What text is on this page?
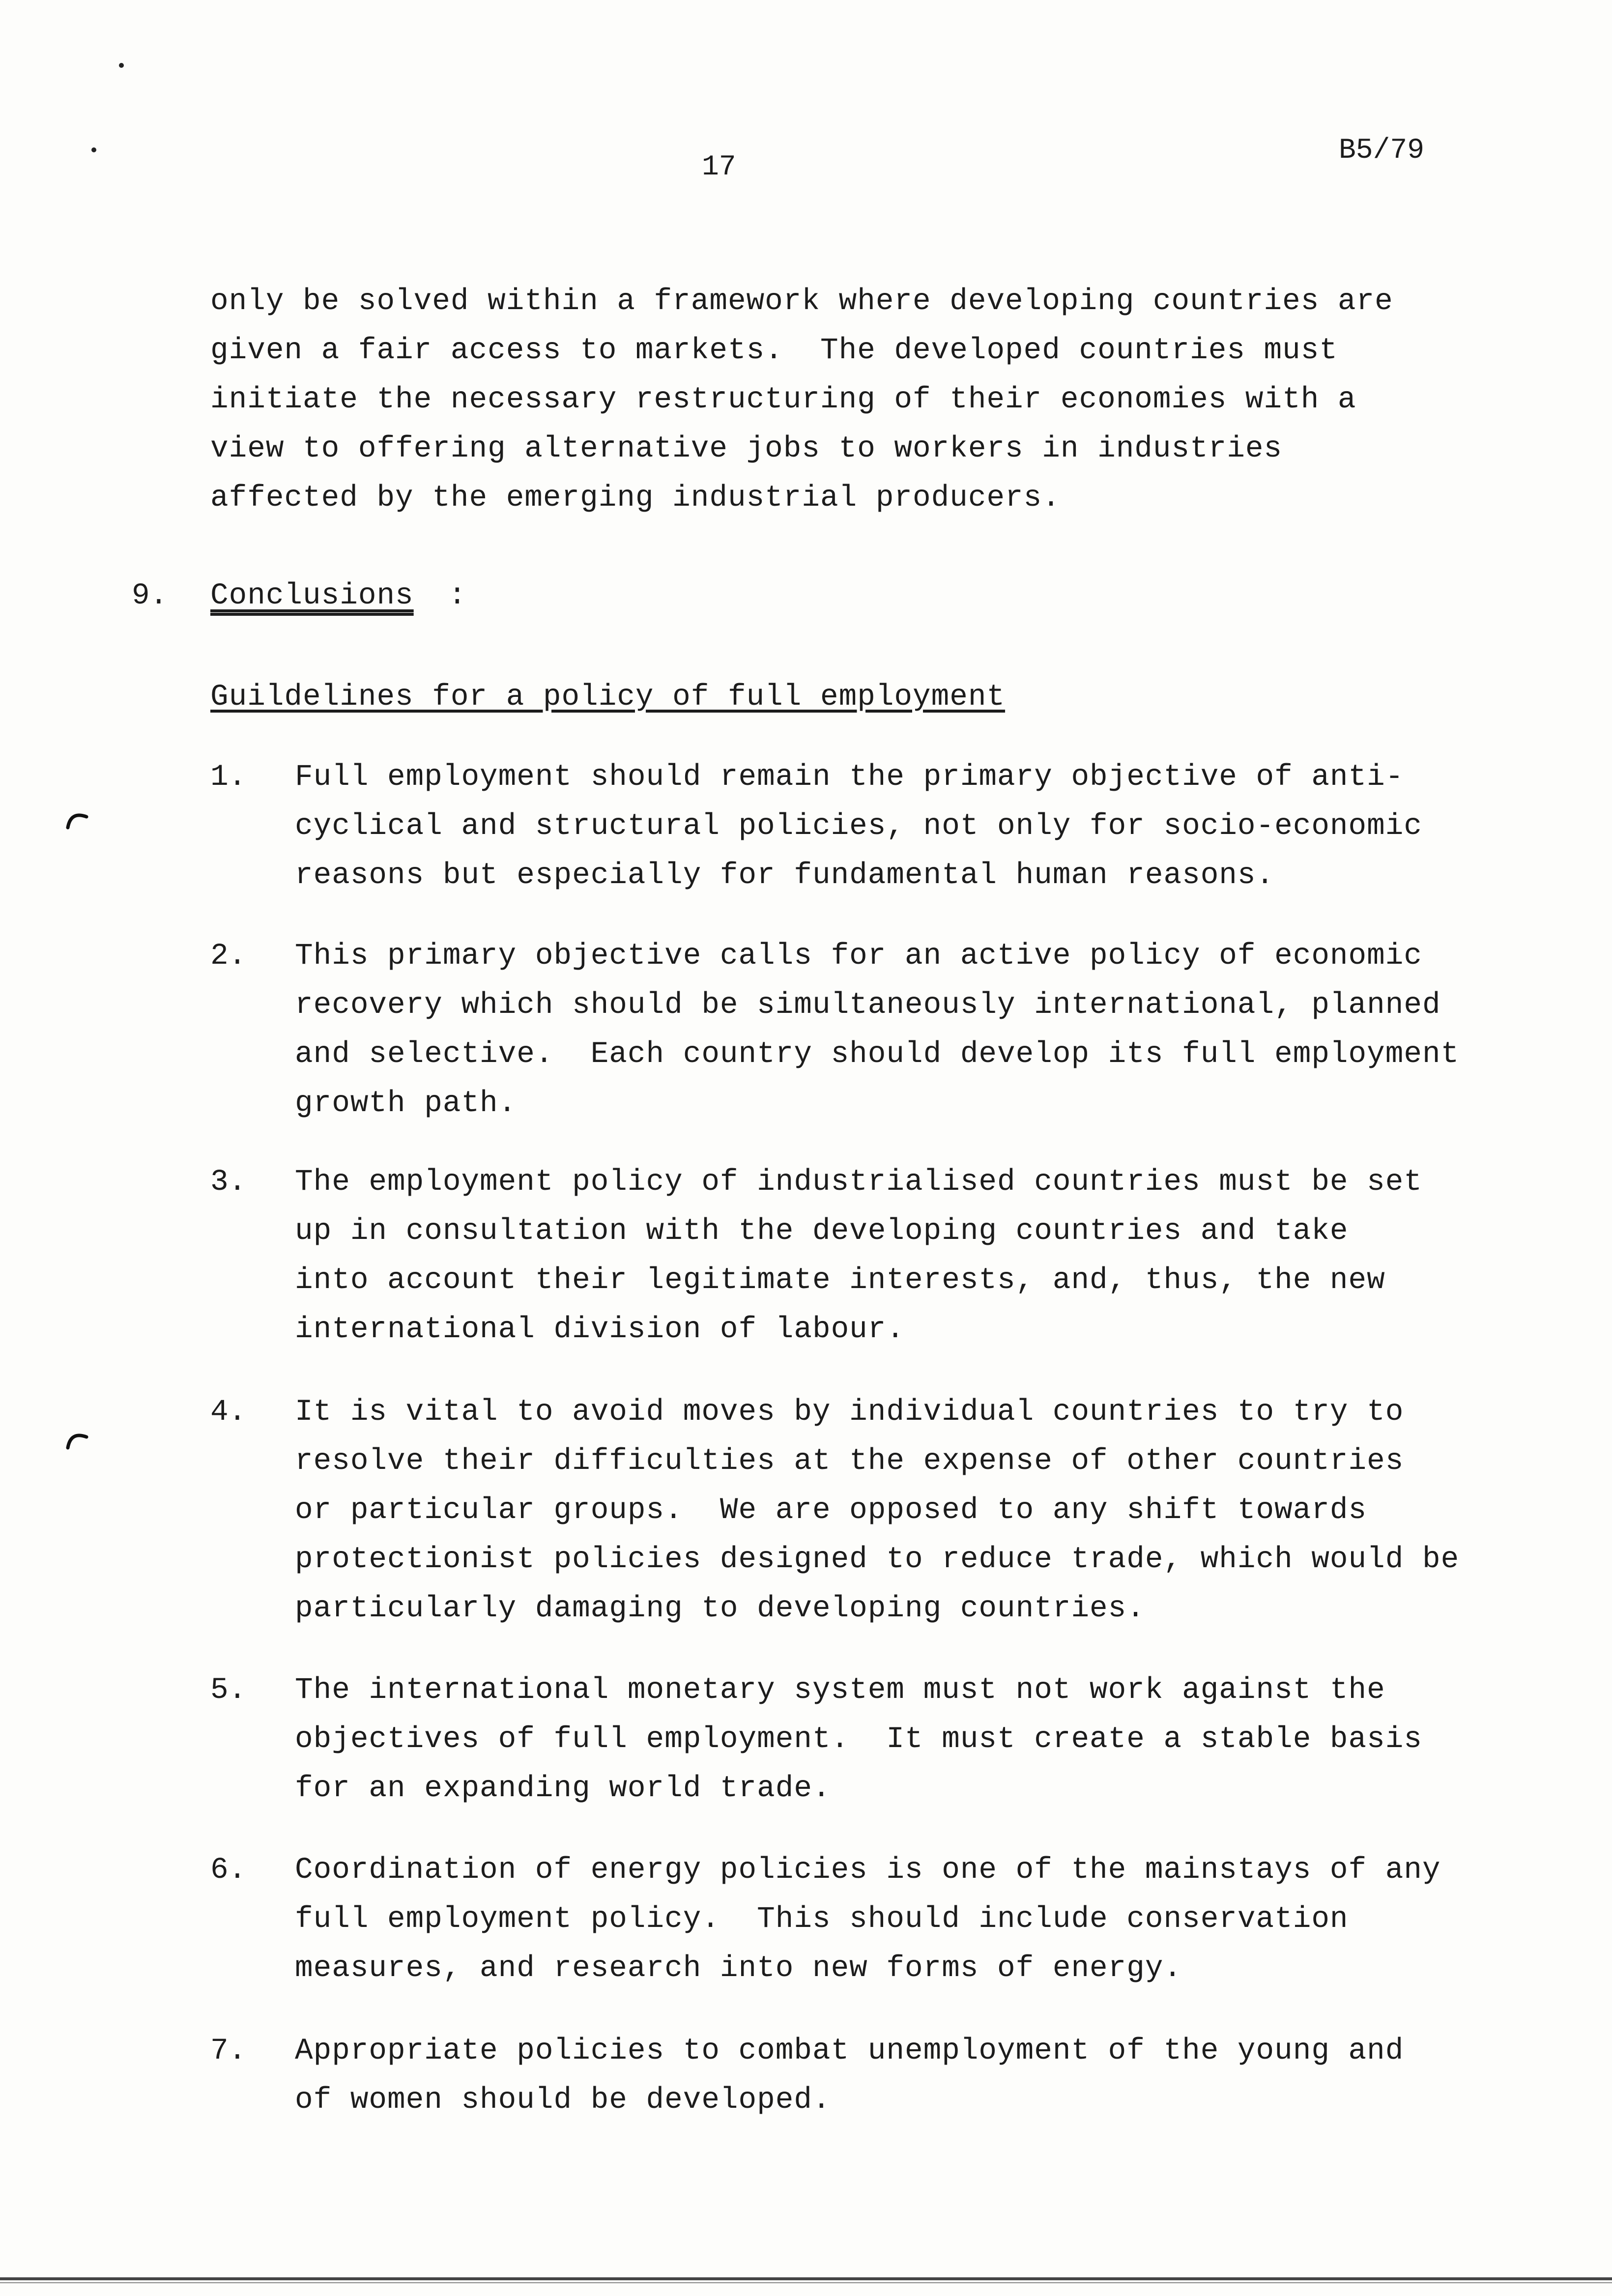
17
B5/79
only be solved within a framework where developing countries are
given a fair access to markets.  The developed countries must
initiate the necessary restructuring of their economies with a
view to offering alternative jobs to workers in industries
affected by the emerging industrial producers.
9. Conclusions :
Guildelines for a policy of full employment
1. Full employment should remain the primary objective of anti-
cyclical and structural policies, not only for socio-economic
reasons but especially for fundamental human reasons.
2. This primary objective calls for an active policy of economic
recovery which should be simultaneously international, planned
and selective.  Each country should develop its full employment
growth path.
3. The employment policy of industrialised countries must be set
up in consultation with the developing countries and take
into account their legitimate interests, and, thus, the new
international division of labour.
4. It is vital to avoid moves by individual countries to try to
resolve their difficulties at the expense of other countries
or particular groups.  We are opposed to any shift towards
protectionist policies designed to reduce trade, which would be
particularly damaging to developing countries.
5. The international monetary system must not work against the
objectives of full employment.  It must create a stable basis
for an expanding world trade.
6. Coordination of energy policies is one of the mainstays of any
full employment policy.  This should include conservation
measures, and research into new forms of energy.
7. Appropriate policies to combat unemployment of the young and
of women should be developed.
